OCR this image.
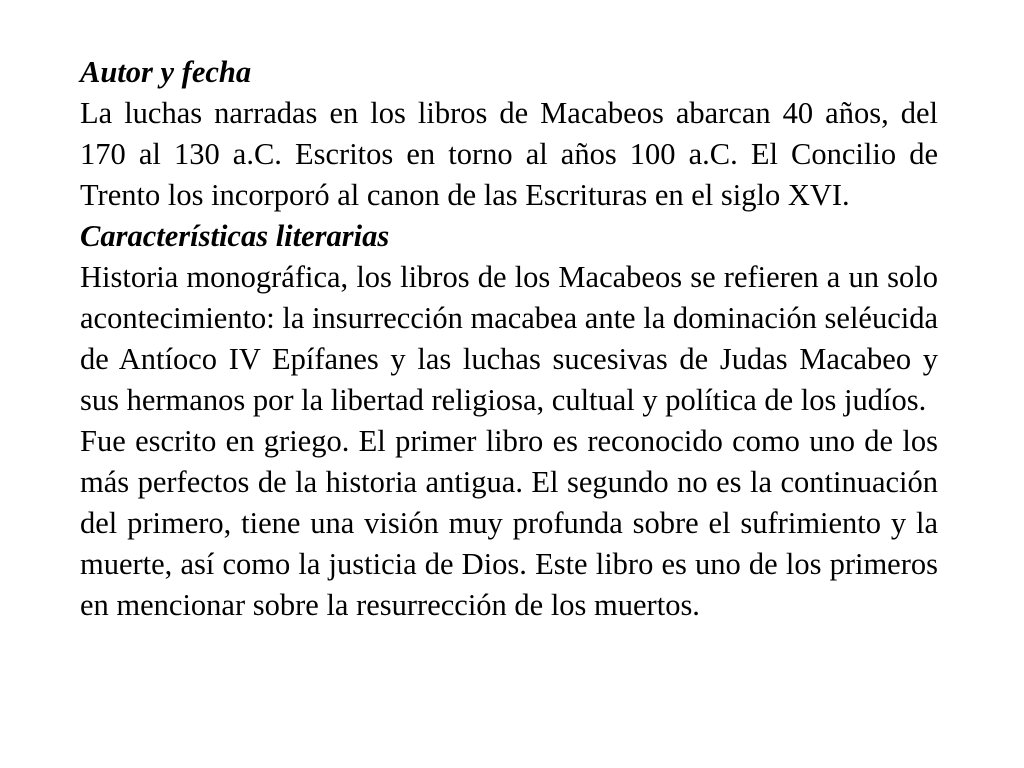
Autor y fecha

La luchas narradas en los libros de Macabeos abarcan 40 años, del 170 al 130 a.C. Escritos en torno al años 100 a.C. El Concilio de Trento los incorporó al canon de las Escrituras en el siglo XVI.

Características literarias

Historia monográfica, los libros de los Macabeos se refieren a un solo acontecimiento: la insurrección macabea ante la dominación seléucida de Antíoco IV Epífanes y las luchas sucesivas de Judas Macabeo y sus hermanos por la libertad religiosa, cultual y política de los judíos.

Fue escrito en griego. El primer libro es reconocido como uno de los más perfectos de la historia antigua. El segundo no es la continuación del primero, tiene una visión muy profunda sobre el sufrimiento y la muerte, así como la justicia de Dios. Este libro es uno de los primeros en mencionar sobre la resurrección de los muertos.
